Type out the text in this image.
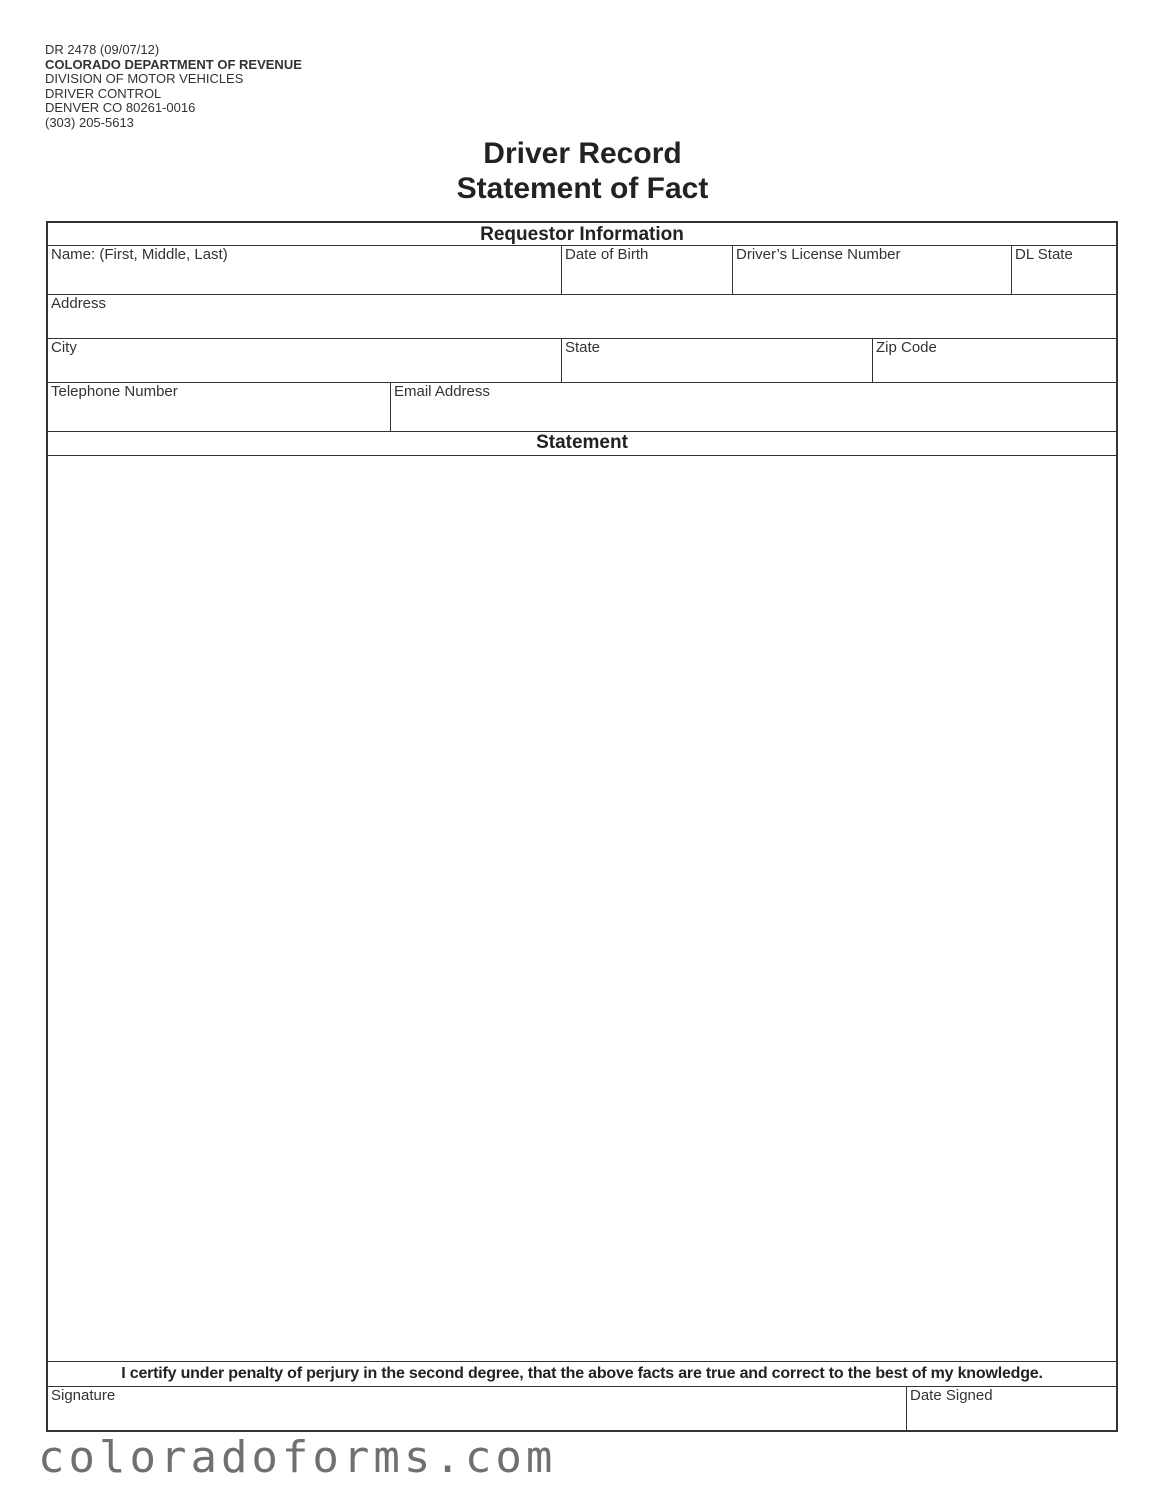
DR 2478 (09/07/12)
COLORADO DEPARTMENT OF REVENUE
DIVISION OF MOTOR VEHICLES
DRIVER CONTROL
DENVER CO 80261-0016
(303) 205-5613
Driver Record
Statement of Fact
Requestor Information
Name: (First, Middle, Last)	Date of Birth	Driver’s License Number	DL State
Address
City	State	Zip Code
Telephone Number	Email Address
Statement
I certify under penalty of perjury in the second degree, that the above facts are true and correct to the best of my knowledge.
Signature	Date Signed
coloradoforms.com
